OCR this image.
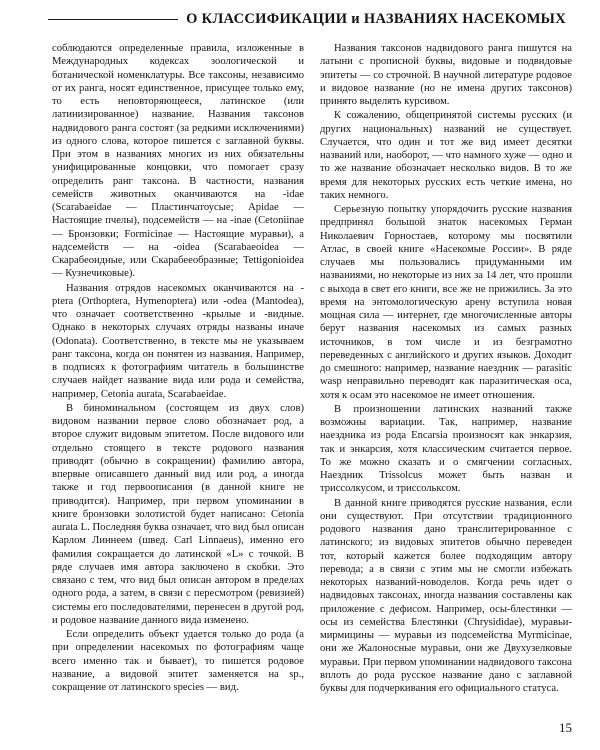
О КЛАССИФИКАЦИИ и НАЗВАНИЯХ НАСЕКОМЫХ

соблюдаются определенные правила, изложенные в Международных кодексах зоологической и ботанической номенклатуры. Все таксоны, независимо от их ранга, носят единственное, присущее только ему, то есть неповторяющееся, латинское (или латинизированное) название. Названия таксонов надвидового ранга состоят (за редкими исключениями) из одного слова, которое пишется с заглавной буквы. При этом в названиях многих из них обязательны унифицированные концовки, что помогает сразу определить ранг таксона. В частности, названия семейств животных оканчиваются на -idae (Scarabaeidae — Пластинчатоусые; Apidae — Настоящие пчелы), подсемейств — на -inae (Cetoniinae — Бронзовки; Formicinae — Настоящие муравьи), а надсемейств — на -oidea (Scarabaeoidea — Скарабеоидные, или Скарабееобразные; Tettigonioidea — Кузнечиковые).

Названия отрядов насекомых оканчиваются на -ptera (Orthoptera, Hymenoptera) или -odea (Mantodea), что означает соответственно -крылые и -видные. Однако в некоторых случаях отряды названы иначе (Odonata). Соответственно, в тексте мы не указываем ранг таксона, когда он понятен из названия. Например, в подписях к фотографиям читатель в большинстве случаев найдет название вида или рода и семейства, например, Cetonia aurata, Scarabaeidae.

В биноминальном (состоящем из двух слов) видовом названии первое слово обозначает род, а второе служит видовым эпитетом. После видового или отдельно стоящего в тексте родового названия приводят (обычно в сокращении) фамилию автора, впервые описавшего данный вид или род, а иногда также и год первоописания (в данной книге не приводится). Например, при первом упоминании в книге бронзовки золотистой будет написано: Cetonia aurata L. Последняя буква означает, что вид был описан Карлом Линнеем (швед. Carl Linnaeus), именно его фамилия сокращается до латинской «L» с точкой. В ряде случаев имя автора заключено в скобки. Это связано с тем, что вид был описан автором в пределах одного рода, а затем, в связи с пересмотром (ревизией) системы его последователями, перенесен в другой род, и родовое название данного вида изменено.

Если определить объект удается только до рода (а при определении насекомых по фотографиям чаще всего именно так и бывает), то пишется родовое название, а видовой эпитет заменяется на sp., сокращение от латинского species — вид.

Названия таксонов надвидового ранга пишутся на латыни с прописной буквы, видовые и подвидовые эпитеты — со строчной. В научной литературе родовое и видовое название (но не имена других таксонов) принято выделять курсивом.

К сожалению, общепринятой системы русских (и других национальных) названий не существует. Случается, что один и тот же вид имеет десятки названий или, наоборот, — что намного хуже — одно и то же название обозначает несколько видов. В то же время для некоторых русских есть четкие имена, но таких немного.

Серьезную попытку упорядочить русские названия предпринял большой знаток насекомых Герман Николаевич Горностаев, которому мы посвятили Атлас, в своей книге «Насекомые России». В ряде случаев мы пользовались придуманными им названиями, но некоторые из них за 14 лет, что прошли с выхода в свет его книги, все же не прижились. За это время на энтомологическую арену вступила новая мощная сила — интернет, где многочисленные авторы берут названия насекомых из самых разных источников, в том числе и из безграмотно переведенных с английского и других языков. Доходит до смешного: например, название наездник — parasitic wasp неправильно переводят как паразитическая оса, хотя к осам это насекомое не имеет отношения.

В произношении латинских названий также возможны вариации. Так, например, название наездника из рода Encarsia произносят как энкарзия, так и энкарсия, хотя классическим считается первое. То же можно сказать и о смягчении согласных. Наездник Trissolcus может быть назван и триссолкусом, и триссольксом.

В данной книге приводятся русские названия, если они существуют. При отсутствии традиционного родового названия дано транслитерированное с латинского; из видовых эпитетов обычно переведен тот, который кажется более подходящим автору перевода; а в связи с этим мы не смогли избежать некоторых названий-новоделов. Когда речь идет о надвидовых таксонах, иногда названия составлены как приложение с дефисом. Например, осы-блестянки — осы из семейства Блестянки (Chrysididae), муравьи-мирмицины — муравьи из подсемейства Myrmicinae, они же Жалоносные муравьи, они же Двухузелковые муравьи. При первом упоминании надвидового таксона вплоть до рода русское название дано с заглавной буквы для подчеркивания его официального статуса.

15
